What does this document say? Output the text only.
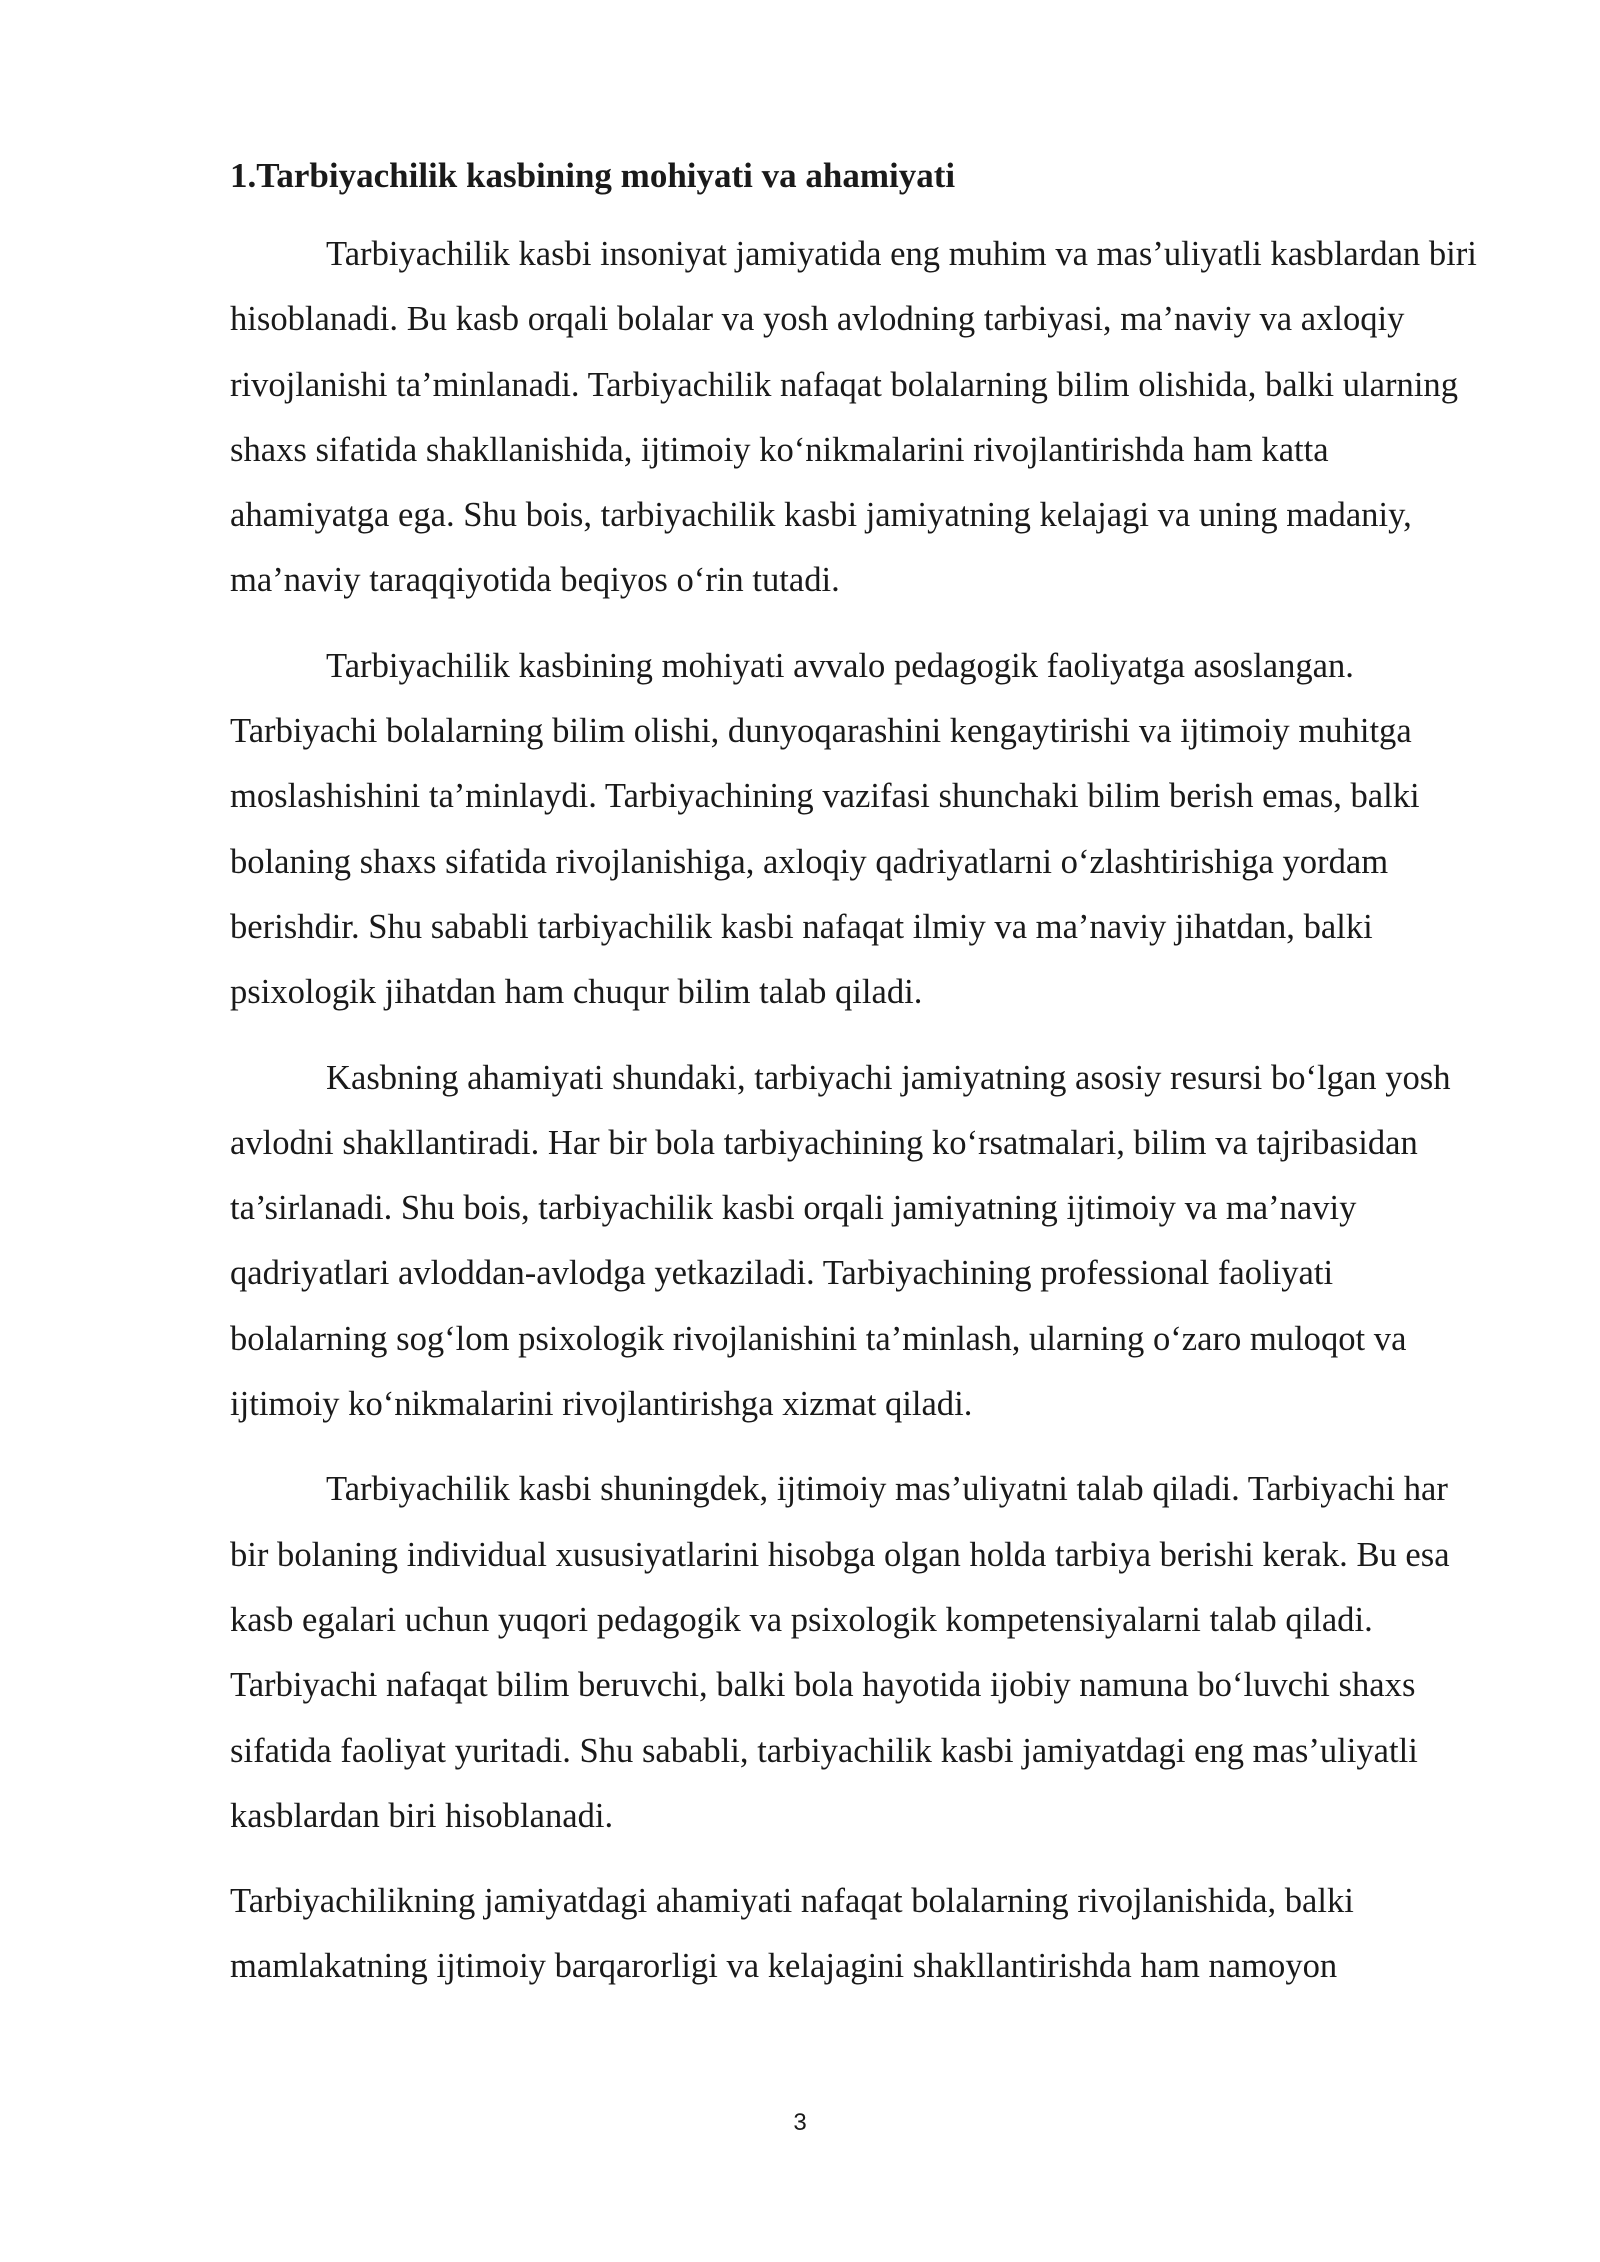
1.Tarbiyachilik kasbining mohiyati va ahamiyati

Tarbiyachilik kasbi insoniyat jamiyatida eng muhim va mas’uliyatli kasblardan biri hisoblanadi. Bu kasb orqali bolalar va yosh avlodning tarbiyasi, ma’naviy va axloqiy rivojlanishi ta’minlanadi. Tarbiyachilik nafaqat bolalarning bilim olishida, balki ularning shaxs sifatida shakllanishida, ijtimoiy ko‘nikmalarini rivojlantirishda ham katta ahamiyatga ega. Shu bois, tarbiyachilik kasbi jamiyatning kelajagi va uning madaniy, ma’naviy taraqqiyotida beqiyos o‘rin tutadi.

Tarbiyachilik kasbining mohiyati avvalo pedagogik faoliyatga asoslangan. Tarbiyachi bolalarning bilim olishi, dunyoqarashini kengaytirishi va ijtimoiy muhitga moslashishini ta’minlaydi. Tarbiyachining vazifasi shunchaki bilim berish emas, balki bolaning shaxs sifatida rivojlanishiga, axloqiy qadriyatlarni o‘zlashtirishiga yordam berishdir. Shu sababli tarbiyachilik kasbi nafaqat ilmiy va ma’naviy jihatdan, balki psixologik jihatdan ham chuqur bilim talab qiladi.

Kasbning ahamiyati shundaki, tarbiyachi jamiyatning asosiy resursi bo‘lgan yosh avlodni shakllantiradi. Har bir bola tarbiyachining ko‘rsatmalari, bilim va tajribasidan ta’sirlanadi. Shu bois, tarbiyachilik kasbi orqali jamiyatning ijtimoiy va ma’naviy qadriyatlari avloddan-avlodga yetkaziladi. Tarbiyachining professional faoliyati bolalarning sog‘lom psixologik rivojlanishini ta’minlash, ularning o‘zaro muloqot va ijtimoiy ko‘nikmalarini rivojlantirishga xizmat qiladi.

Tarbiyachilik kasbi shuningdek, ijtimoiy mas’uliyatni talab qiladi. Tarbiyachi har bir bolaning individual xususiyatlarini hisobga olgan holda tarbiya berishi kerak. Bu esa kasb egalari uchun yuqori pedagogik va psixologik kompetensiyalarni talab qiladi. Tarbiyachi nafaqat bilim beruvchi, balki bola hayotida ijobiy namuna bo‘luvchi shaxs sifatida faoliyat yuritadi. Shu sababli, tarbiyachilik kasbi jamiyatdagi eng mas’uliyatli kasblardan biri hisoblanadi.

Tarbiyachilikning jamiyatdagi ahamiyati nafaqat bolalarning rivojlanishida, balki mamlakatning ijtimoiy barqarorligi va kelajagini shakllantirishda ham namoyon

3
